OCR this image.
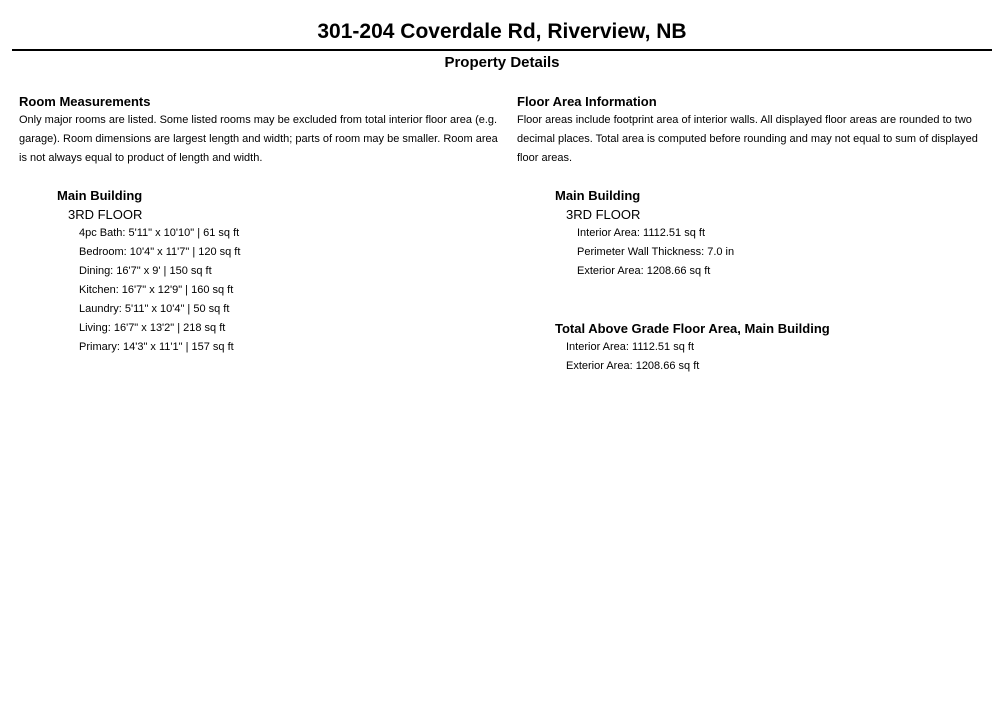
301-204 Coverdale Rd, Riverview, NB
Property Details
Room Measurements
Only major rooms are listed. Some listed rooms may be excluded from total interior floor area (e.g. garage). Room dimensions are largest length and width; parts of room may be smaller. Room area is not always equal to product of length and width.
Main Building
3RD FLOOR
4pc Bath: 5'11" x 10'10" | 61 sq ft
Bedroom: 10'4" x 11'7" | 120 sq ft
Dining: 16'7" x 9' | 150 sq ft
Kitchen: 16'7" x 12'9" | 160 sq ft
Laundry: 5'11" x 10'4" | 50 sq ft
Living: 16'7" x 13'2" | 218 sq ft
Primary: 14'3" x 11'1" | 157 sq ft
Floor Area Information
Floor areas include footprint area of interior walls. All displayed floor areas are rounded to two decimal places. Total area is computed before rounding and may not equal to sum of displayed floor areas.
Main Building
3RD FLOOR
Interior Area: 1112.51 sq ft
Perimeter Wall Thickness: 7.0 in
Exterior Area: 1208.66 sq ft
Total Above Grade Floor Area, Main Building
Interior Area: 1112.51 sq ft
Exterior Area: 1208.66 sq ft
